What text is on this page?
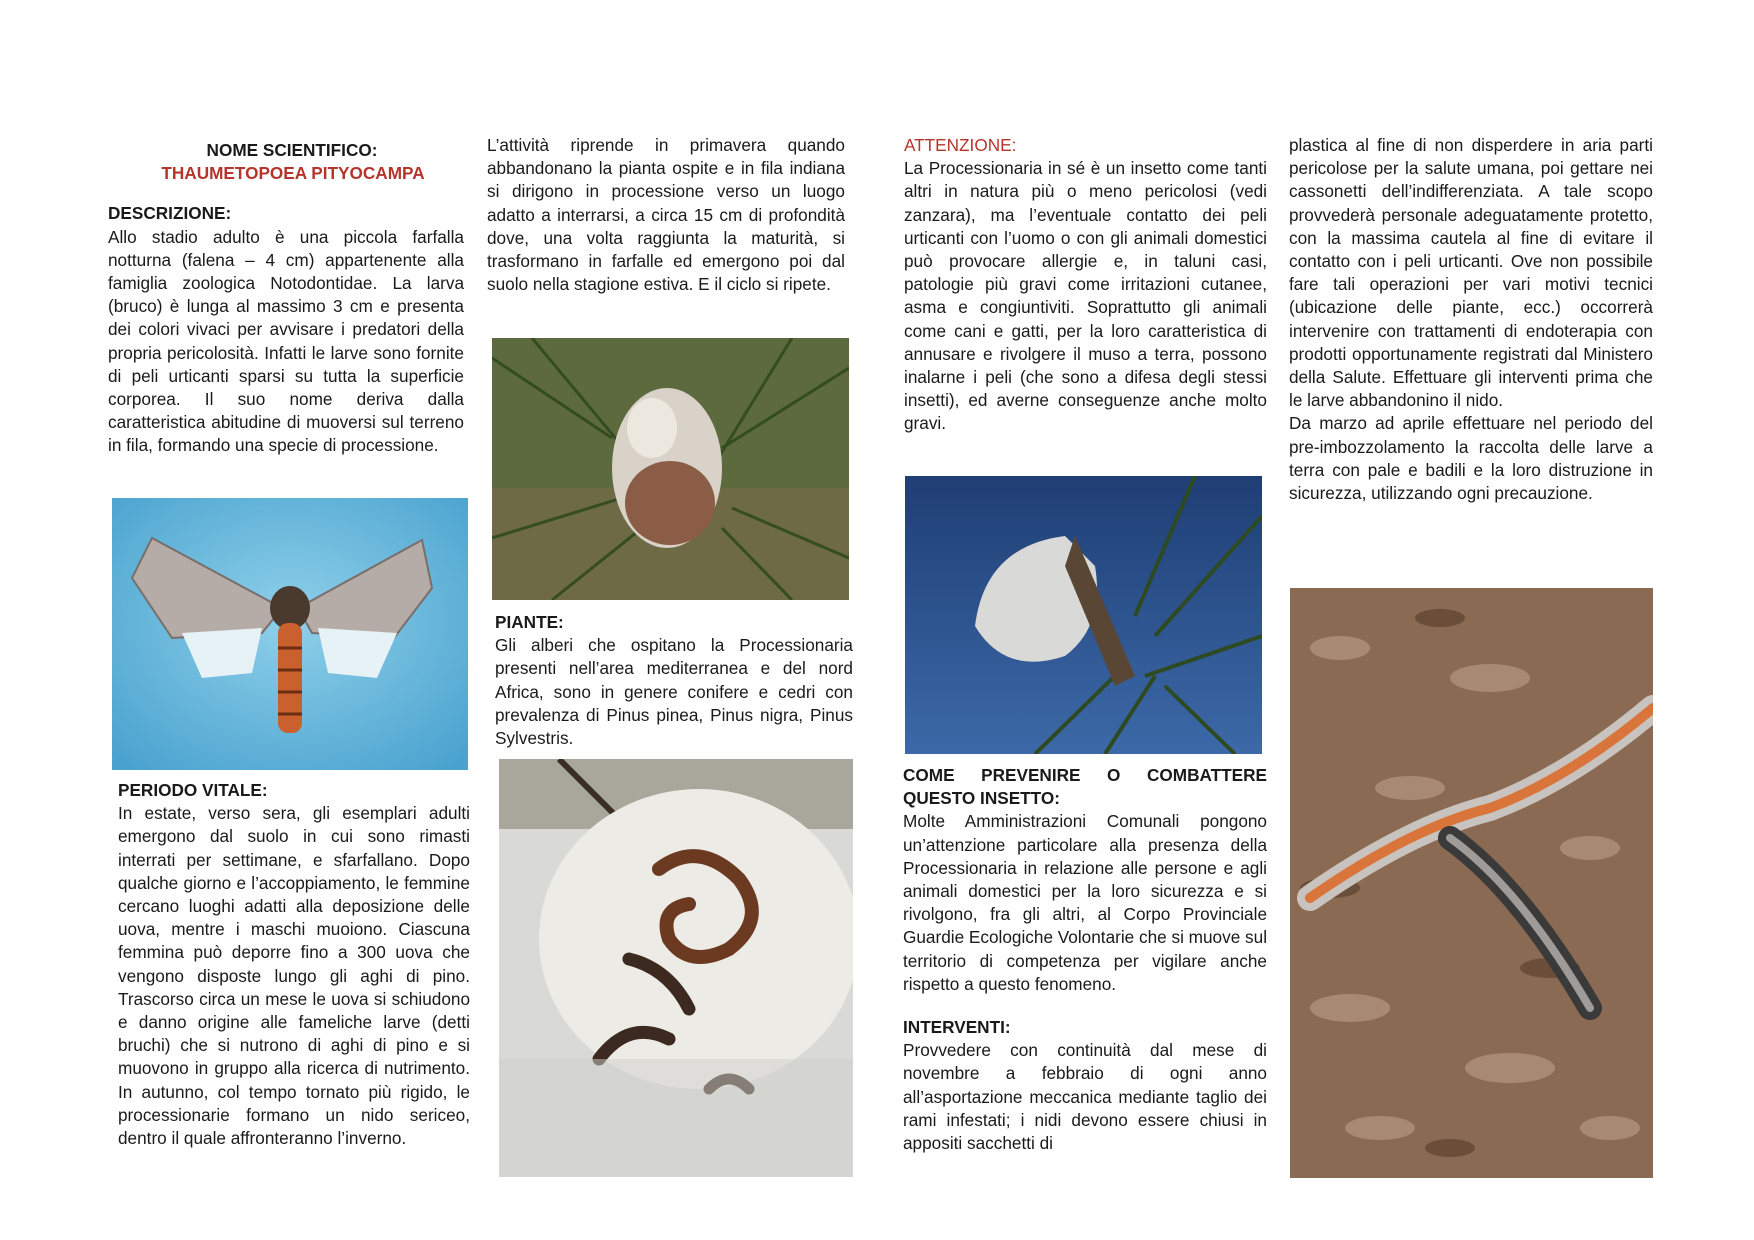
NOME SCIENTIFICO:
THAUMETOPOEA PITYOCAMPA
DESCRIZIONE:

Allo stadio adulto è una piccola farfalla notturna (falena – 4 cm) appartenente alla famiglia zoologica Notodontidae. La larva (bruco) è lunga al massimo 3 cm e presenta dei colori vivaci per avvisare i predatori della propria pericolosità. Infatti le larve sono fornite di peli urticanti sparsi su tutta la superficie corporea. Il suo nome deriva dalla caratteristica abitudine di muoversi sul terreno in fila, formando una specie di processione.

PERIODO VITALE:

In estate, verso sera, gli esemplari adulti emergono dal suolo in cui sono rimasti interrati per settimane, e sfarfallano. Dopo qualche giorno e l’accoppiamento, le femmine cercano luoghi adatti alla deposizione delle uova, mentre i maschi muoiono. Ciascuna femmina può deporre fino a 300 uova che vengono disposte lungo gli aghi di pino. Trascorso circa un mese le uova si schiudono e danno origine alle fameliche larve (detti bruchi) che si nutrono di aghi di pino e si muovono in gruppo alla ricerca di nutrimento. In autunno, col tempo tornato più rigido, le processionarie formano un nido sericeo, dentro il quale affronteranno l’inverno.

L’attività riprende in primavera quando abbandonano la pianta ospite e in fila indiana si dirigono in processione verso un luogo adatto a interrarsi, a circa 15 cm di profondità dove, una volta raggiunta la maturità, si trasformano in farfalle ed emergono poi dal suolo nella stagione estiva. E il ciclo si ripete.

PIANTE:

Gli alberi che ospitano la Processionaria presenti nell’area mediterranea e del nord Africa, sono in genere conifere e cedri con prevalenza di Pinus pinea, Pinus nigra, Pinus Sylvestris.

ATTENZIONE:

La Processionaria in sé è un insetto come tanti altri in natura più o meno pericolosi (vedi zanzara), ma l’eventuale contatto dei peli urticanti con l’uomo o con gli animali domestici può provocare allergie e, in taluni casi, patologie più gravi come irritazioni cutanee, asma e congiuntiviti. Soprattutto gli animali come cani e gatti, per la loro caratteristica di annusare e rivolgere il muso a terra, possono inalarne i peli (che sono a difesa degli stessi insetti), ed averne conseguenze anche molto gravi.

COME PREVENIRE O COMBATTERE QUESTO INSETTO:

Molte Amministrazioni Comunali pongono un’attenzione particolare alla presenza della Processionaria in relazione alle persone e agli animali domestici per la loro sicurezza e si rivolgono, fra gli altri, al Corpo Provinciale Guardie Ecologiche Volontarie che si muove sul territorio di competenza per vigilare anche rispetto a questo fenomeno.

INTERVENTI:

Provvedere con continuità dal mese di novembre a febbraio di ogni anno all’asportazione meccanica mediante taglio dei rami infestati; i nidi devono essere chiusi in appositi sacchetti di

plastica al fine di non disperdere in aria parti pericolose per la salute umana, poi gettare nei cassonetti dell’indifferenziata. A tale scopo provvederà personale adeguatamente protetto, con la massima cautela al fine di evitare il contatto con i peli urticanti. Ove non possibile fare tali operazioni per vari motivi tecnici (ubicazione delle piante, ecc.) occorrerà intervenire con trattamenti di endoterapia con prodotti opportunamente registrati dal Ministero della Salute. Effettuare gli interventi prima che le larve abbandonino il nido.

Da marzo ad aprile effettuare nel periodo del pre-imbozzolamento la raccolta delle larve a terra con pale e badili e la loro distruzione in sicurezza, utilizzando ogni precauzione.
